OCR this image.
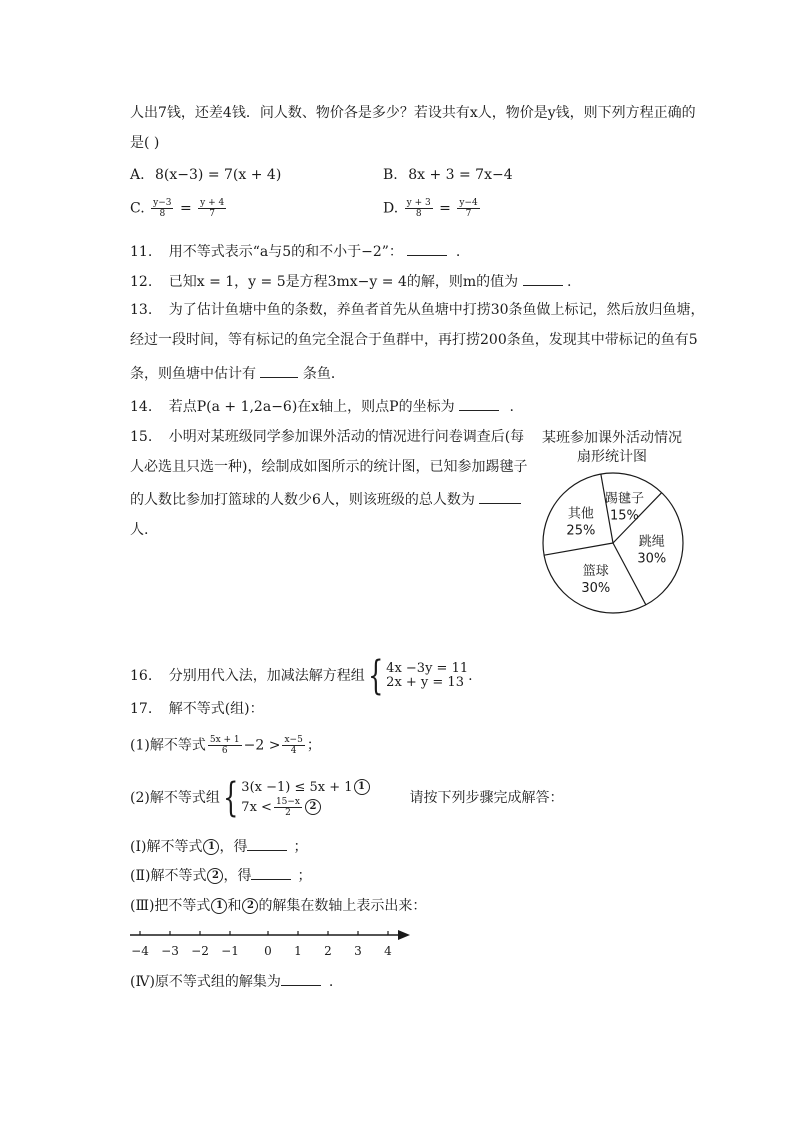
人出7钱，还差4钱．问人数、物价各是多少？若设共有x人，物价是y钱，则下列方程正确的
是( )
A. 8(x−3) = 7(x + 4)	B. 8x + 3 = 7x−4
C. $\frac{y-3}{8} = \frac{y + 4}{7}$	D. $\frac{y + 3}{8} = \frac{y-4}{7}$
11. 用不等式表示“a与5的和不小于−2”：	.
12. 已知x = 1，y = 5是方程3mx−y = 4的解，则m的值为	.
13. 为了估计鱼塘中鱼的条数，养鱼者首先从鱼塘中打捞30条鱼做上标记，然后放归鱼塘，
经过一段时间，等有标记的鱼完全混合于鱼群中，再打捞200条鱼，发现其中带标记的鱼有5
条，则鱼塘中估计有	条鱼．
14. 若点P(a + 1,2a−6)在x轴上，则点P的坐标为	.
15. 小明对某班级同学参加课外活动的情况进行问卷调查后(每
人必选且只选一种)，绘制成如图所示的统计图，已知参加踢毽子
的人数比参加打篮球的人数少6人，则该班级的总人数为
人.
某班参加课外活动情况
扇形统计图
踢毽子
15%
跳绳
30%
篮球
30%
其他
25%
16. 分别用代入法，加减法解方程组{ 4x −3y = 11
2x + y = 13 .
17. 解不等式(组)：
(1)解不等式 $\frac{5x + 1}{6} -2 > \frac{x-5}{4}$ ；
(2)解不等式组{ 3(x −1) ≤ 5x + 1 1
$7x < \frac{15-x}{2} 2$
请按下列步骤完成解答：
(Ⅰ)解不等式 1 ，得	；
(Ⅱ)解不等式 2 ，得	；
(Ⅲ)把不等式 1 和 2 的解集在数轴上表示出来：
−4 −3 −2 −1 0 1 2 3 4
(Ⅳ)原不等式组的解集为	.
